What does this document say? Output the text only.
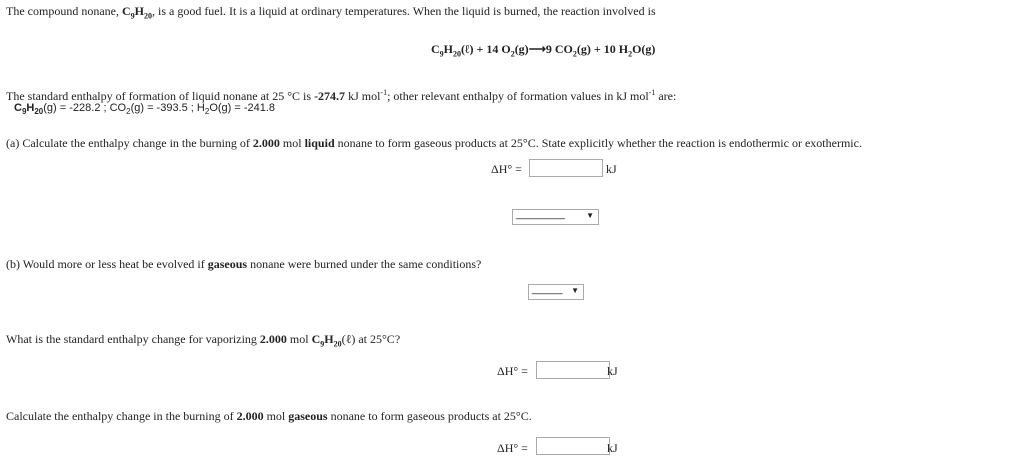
The compound nonane, $C_9H_{20}$, is a good fuel. It is a liquid at ordinary temperatures. When the liquid is burned, the reaction involved is
$C_9H_{20}(\ell) + 14$ $O_2(g)⟶9$ $CO_2(g) + 10$ $H_2O(g)$
The standard enthalpy of formation of liquid nonane at 25 °C is -274.7 kJ mol$^{-1}$; other relevant enthalpy of formation values in kJ mol$^{-1}$ are:
$C_9H_{20}(g) = -228.2$ ; $CO_2(g) = -393.5$ ; $H_2O(g) = -241.8$
(a) Calculate the enthalpy change in the burning of 2.000 mol liquid nonane to form gaseous products at 25°C. State explicitly whether the reaction is endothermic or exothermic.
ΔH° =	kJ
________	▼
(b) Would more or less heat be evolved if gaseous nonane were burned under the same conditions?
_____ ▼
What is the standard enthalpy change for vaporizing 2.000 mol $C_9H_{20}(\ell)$ at 25°C?
ΔH° =	kJ
Calculate the enthalpy change in the burning of 2.000 mol gaseous nonane to form gaseous products at 25°C.
ΔH° =	kJ
